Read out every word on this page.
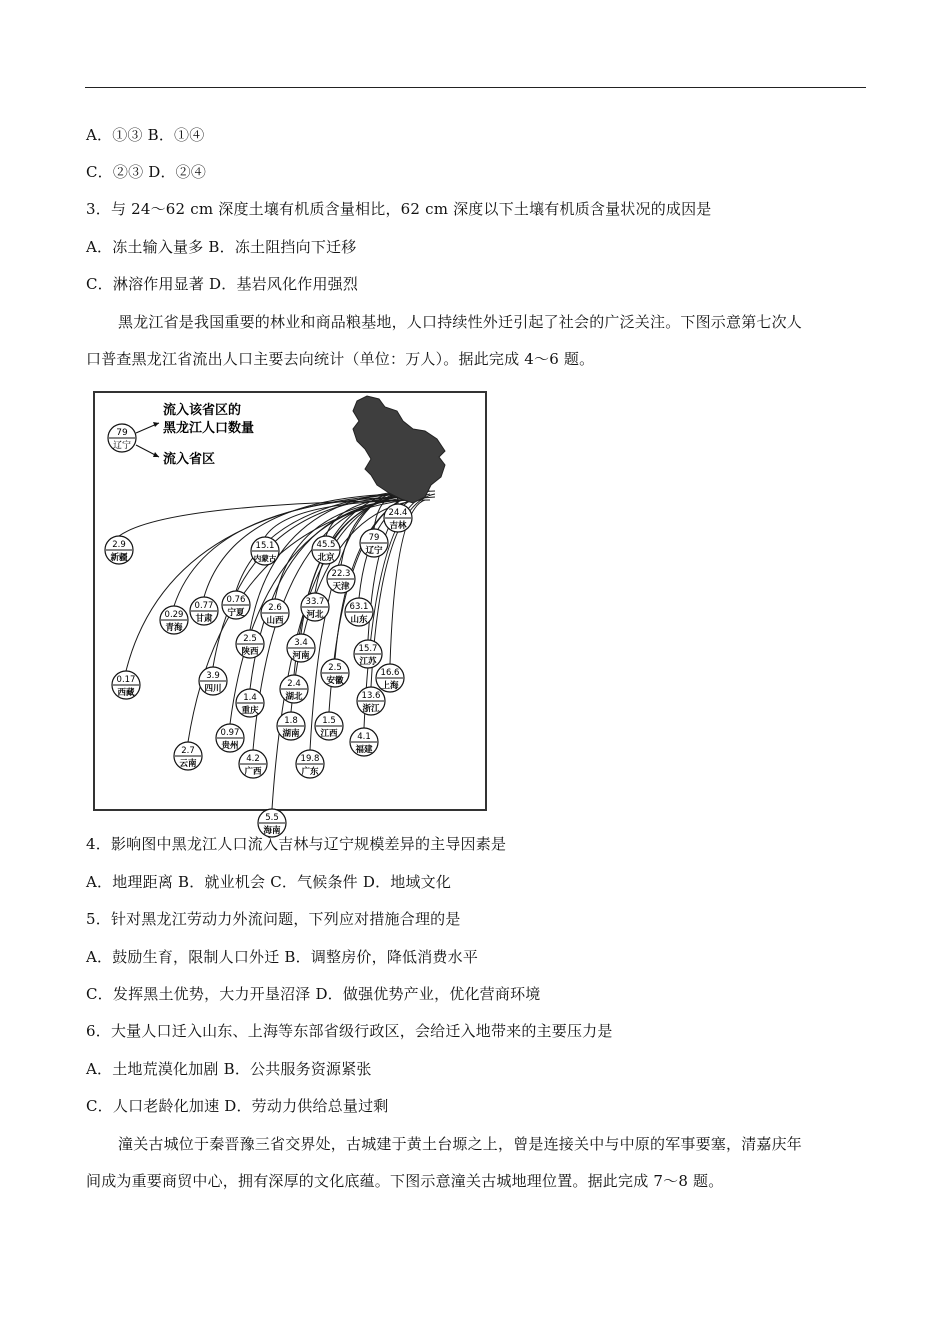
A．①③ B．①④
C．②③ D．②④
3．与 24～62 cm 深度土壤有机质含量相比，62 cm 深度以下土壤有机质含量状况的成因是
A．冻土输入量多 B．冻土阻挡向下迁移
C．淋溶作用显著 D．基岩风化作用强烈
黑龙江省是我国重要的林业和商品粮基地，人口持续性外迁引起了社会的广泛关注。下图示意第七次人
口普查黑龙江省流出人口主要去向统计（单位：万人）。据此完成 4～6 题。
79
辽宁
流入该省区的
黑龙江人口数量
流入省区
24.4
吉林
79
辽宁
45.5
北京
15.1
内蒙古
22.3
天津
33.7
河北
63.1
山东
2.9
新疆
0.76
宁夏
0.77
甘肃
0.29
青海
2.6
山西
2.5
陕西
3.4
河南
15.7
江苏
16.6
上海
2.5
安徽
13.6
浙江
3.9
四川
1.4
重庆
2.4
湖北
0.17
西藏
0.97
贵州
1.8
湖南
1.5
江西 4.1
福建
2.7
云南	4.2
广西
19.8
广东
5.5
海南
4．影响图中黑龙江人口流入吉林与辽宁规模差异的主导因素是
A．地理距离 B．就业机会 C．气候条件 D．地域文化
5．针对黑龙江劳动力外流问题，下列应对措施合理的是
A．鼓励生育，限制人口外迁 B．调整房价，降低消费水平
C．发挥黑土优势，大力开垦沼泽 D．做强优势产业，优化营商环境
6．大量人口迁入山东、上海等东部省级行政区，会给迁入地带来的主要压力是
A．土地荒漠化加剧 B．公共服务资源紧张
C．人口老龄化加速 D．劳动力供给总量过剩
潼关古城位于秦晋豫三省交界处，古城建于黄土台塬之上，曾是连接关中与中原的军事要塞，清嘉庆年
间成为重要商贸中心，拥有深厚的文化底蕴。下图示意潼关古城地理位置。据此完成 7～8 题。
